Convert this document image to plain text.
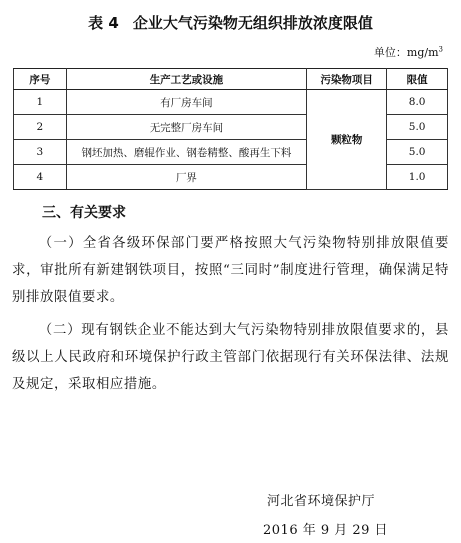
表 4 企业大气污染物无组织排放浓度限值
单位：$mg/m^3$
序号	生产工艺或设施	污染物项目	限值
1	有厂房车间	颗粒物	8.0
2	无完整厂房车间		5.0
3	钢坯加热、磨辊作业、钢卷精整、酸再生下料		5.0
4	厂界		1.0
三、有关要求

（一）全省各级环保部门要严格按照大气污染物特别排放限值要求，审批所有新建钢铁项目，按照“三同时”制度进行管理，确保满足特别排放限值要求。

（二）现有钢铁企业不能达到大气污染物特别排放限值要求的，县级以上人民政府和环境保护行政主管部门依据现行有关环保法律、法规及规定，采取相应措施。

河北省环境保护厅
2016 年 9 月 29 日
